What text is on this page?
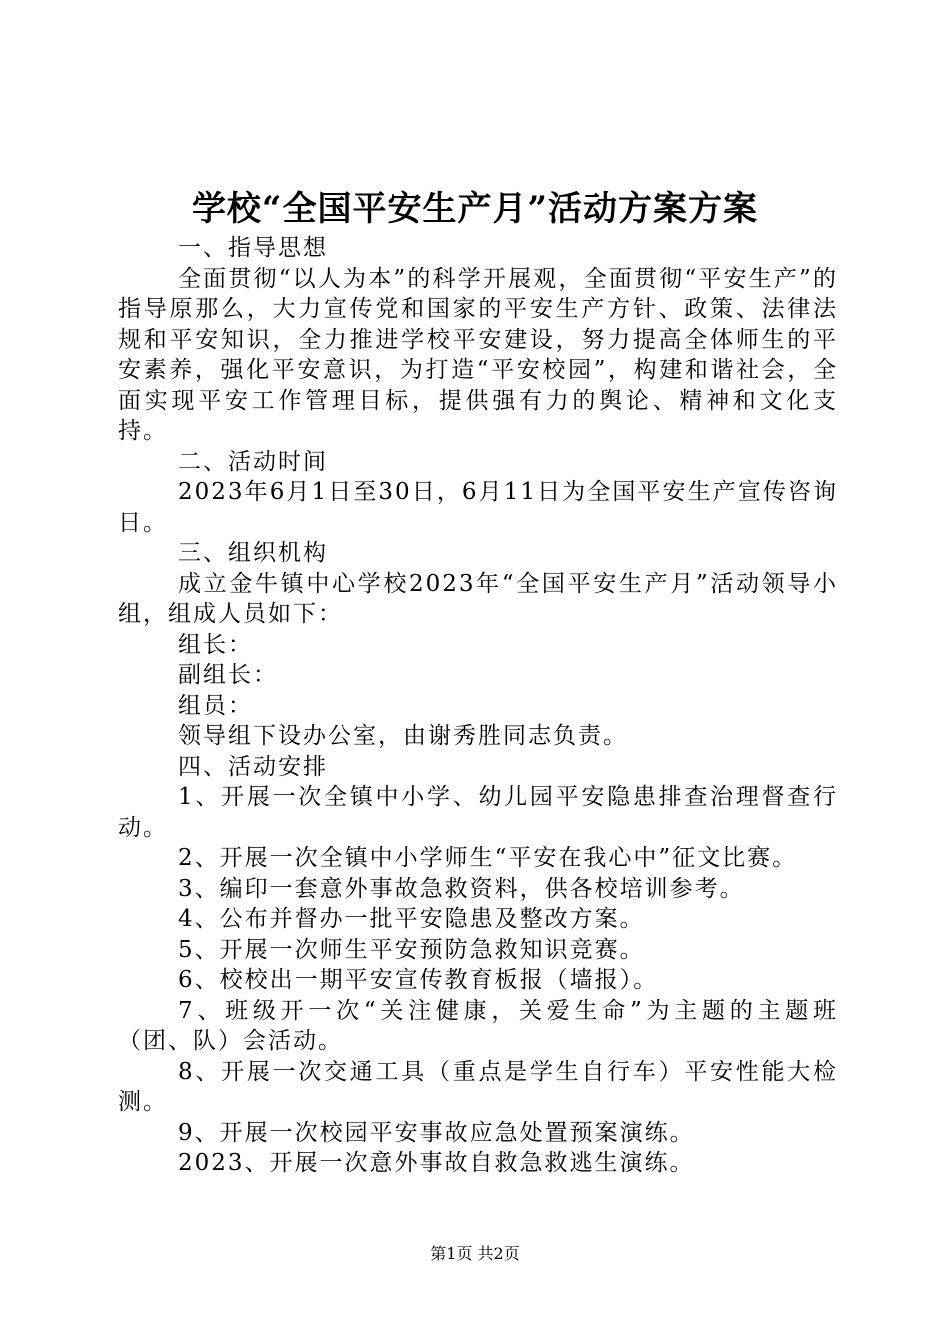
学校“全国平安生产月”活动方案方案

一、指导思想

全面贯彻“以人为本”的科学开展观，全面贯彻“平安生产”的指导原那么，大力宣传党和国家的平安生产方针、政策、法律法规和平安知识，全力推进学校平安建设，努力提高全体师生的平安素养，强化平安意识，为打造“平安校园”，构建和谐社会，全面实现平安工作管理目标，提供强有力的舆论、精神和文化支持。

二、活动时间

2023年6月1日至30日，6月11日为全国平安生产宣传咨询日。

三、组织机构

成立金牛镇中心学校2023年“全国平安生产月”活动领导小组，组成人员如下：

组长：

副组长：

组员：

领导组下设办公室，由谢秀胜同志负责。

四、活动安排

1、开展一次全镇中小学、幼儿园平安隐患排查治理督查行动。

2、开展一次全镇中小学师生“平安在我心中”征文比赛。

3、编印一套意外事故急救资料，供各校培训参考。

4、公布并督办一批平安隐患及整改方案。

5、开展一次师生平安预防急救知识竞赛。

6、校校出一期平安宣传教育板报（墙报）。

7、班级开一次“关注健康，关爱生命”为主题的主题班（团、队）会活动。

8、开展一次交通工具（重点是学生自行车）平安性能大检测。

9、开展一次校园平安事故应急处置预案演练。

2023、开展一次意外事故自救急救逃生演练。

第1页 共2页
